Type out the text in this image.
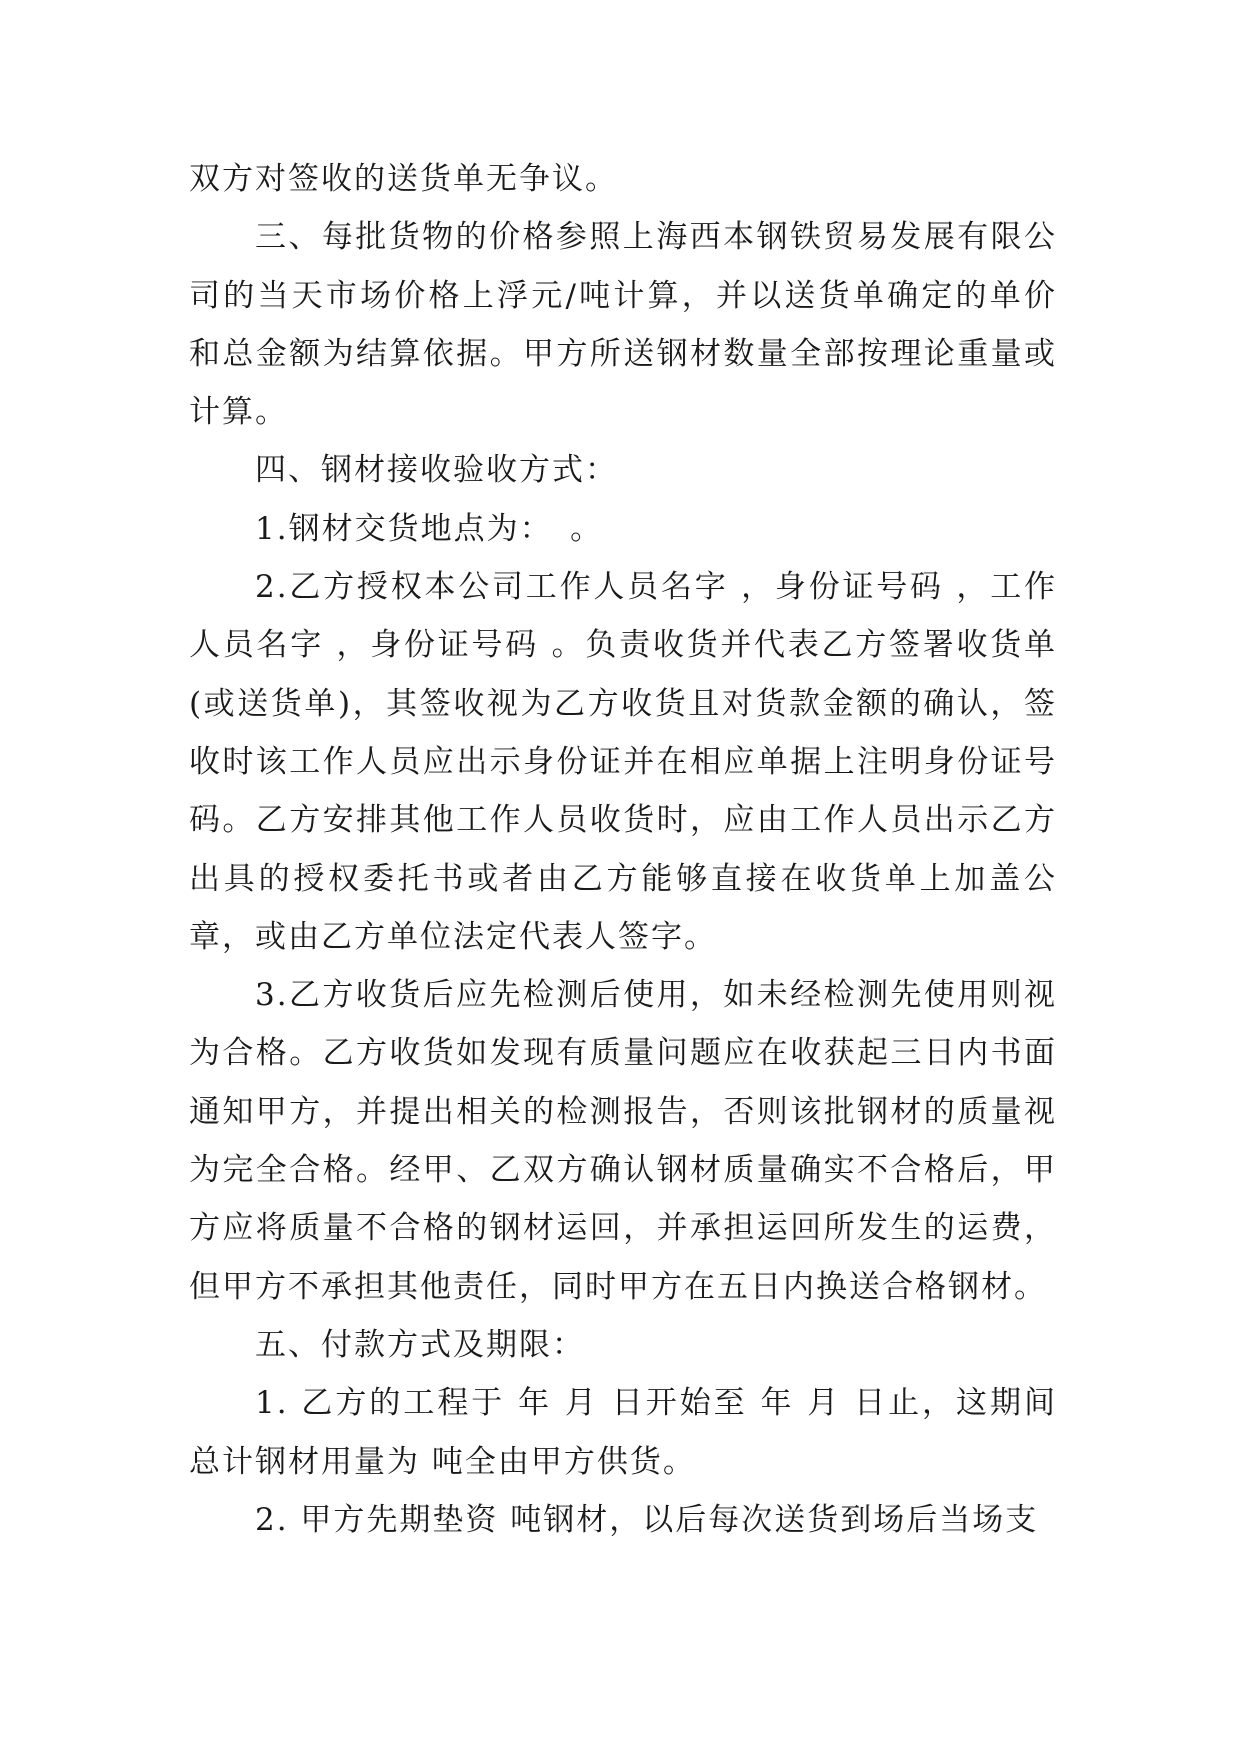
双方对签收的送货单无争议。

三、每批货物的价格参照上海西本钢铁贸易发展有限公司的当天市场价格上浮元/吨计算，并以送货单确定的单价和总金额为结算依据。甲方所送钢材数量全部按理论重量或计算。

四、钢材接收验收方式：

1.钢材交货地点为：　。

2.乙方授权本公司工作人员名字 ，身份证号码 ，工作人员名字 ，身份证号码 。负责收货并代表乙方签署收货单(或送货单)，其签收视为乙方收货且对货款金额的确认，签收时该工作人员应出示身份证并在相应单据上注明身份证号码。乙方安排其他工作人员收货时，应由工作人员出示乙方出具的授权委托书或者由乙方能够直接在收货单上加盖公章，或由乙方单位法定代表人签字。

3.乙方收货后应先检测后使用，如未经检测先使用则视为合格。乙方收货如发现有质量问题应在收获起三日内书面通知甲方，并提出相关的检测报告，否则该批钢材的质量视为完全合格。经甲、乙双方确认钢材质量确实不合格后，甲方应将质量不合格的钢材运回，并承担运回所发生的运费，但甲方不承担其他责任，同时甲方在五日内换送合格钢材。

五、付款方式及期限：

1. 乙方的工程于 年 月 日开始至 年 月 日止，这期间总计钢材用量为 吨全由甲方供货。

2. 甲方先期垫资 吨钢材，以后每次送货到场后当场支
